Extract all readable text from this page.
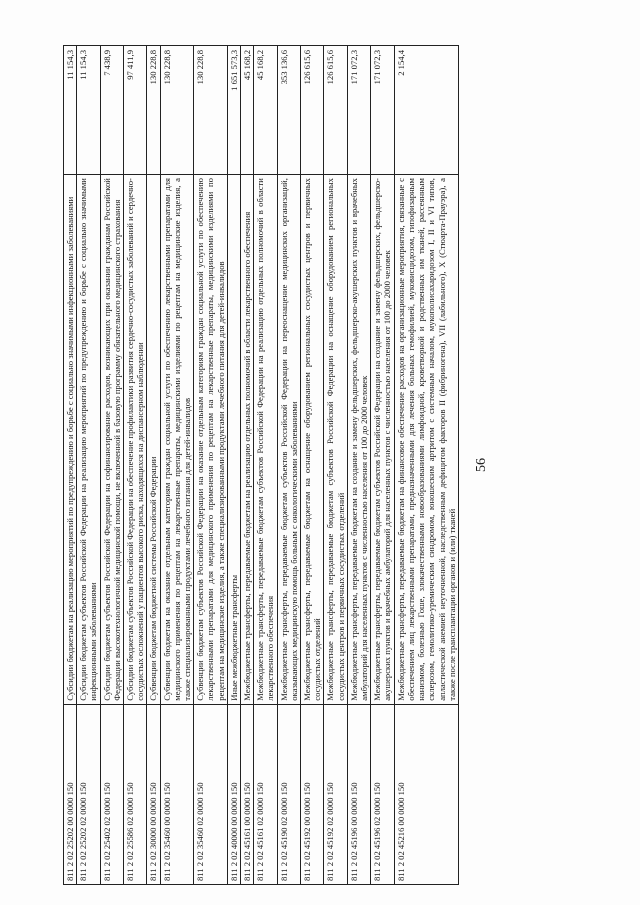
811 2 02 25202 00 0000 150	Субсидии бюджетам на реализацию мероприятий по предупреждению и борьбе с социально значимыми инфекционными заболеваниями	11 154,3
811 2 02 25202 02 0000 150	Субсидии бюджетам субъектов Российской Федерации на реализацию мероприятий по предупреждению и борьбе с социально значимыми инфекционными заболеваниями	11 154,3
811 2 02 25402 02 0000 150	Субсидии бюджетам субъектов Российской Федерации на софинансирование расходов, возникающих при оказании гражданам Российской Федерации высокотехнологичной медицинской помощи, не включенной в базовую программу обязательного медицинского страхования	7 438,9
811 2 02 25586 02 0000 150	Субсидии бюджетам субъектов Российской Федерации на обеспечение профилактики развития сердечно-сосудистых заболеваний и сердечно-сосудистых осложнений у пациентов высокого риска, находящихся на диспансерном наблюдении	97 411,9
811 2 02 30000 00 0000 150	Субвенции бюджетам бюджетной системы Российской Федерации	130 228,8
811 2 02 35460 00 0000 150	Субвенции бюджетам на оказание отдельным категориям граждан социальной услуги по обеспечению лекарственными препаратами для медицинского применения по рецептам на лекарственные препараты, медицинскими изделиями по рецептам на медицинские изделия, а также специализированными продуктами лечебного питания для детей-инвалидов	130 228,8
811 2 02 35460 02 0000 150	Субвенции бюджетам субъектов Российской Федерации на оказание отдельным категориям граждан социальной услуги по обеспечению лекарственными препаратами для медицинского применения по рецептам на лекарственные препараты, медицинскими изделиями по рецептам на медицинские изделия, а также специализированными продуктами лечебного питания для детей-инвалидов	130 228,8
811 2 02 40000 00 0000 150	Иные межбюджетные трансферты	1 651 573,3
811 2 02 45161 00 0000 150	Межбюджетные трансферты, передаваемые бюджетам на реализацию отдельных полномочий в области лекарственного обеспечения	45 168,2
811 2 02 45161 02 0000 150	Межбюджетные трансферты, передаваемые бюджетам субъектов Российской Федерации на реализацию отдельных полномочий в области лекарственного обеспечения	45 168,2
811 2 02 45190 02 0000 150	Межбюджетные трансферты, передаваемые бюджетам субъектов Российской Федерации на переоснащение медицинских организаций, оказывающих медицинскую помощь больным с онкологическими заболеваниями	353 136,6
811 2 02 45192 00 0000 150	Межбюджетные трансферты, передаваемые бюджетам на оснащение оборудованием региональных сосудистых центров и первичных сосудистых отделений	126 615,6
811 2 02 45192 02 0000 150	Межбюджетные трансферты, передаваемые бюджетам субъектов Российской Федерации на оснащение оборудованием региональных сосудистых центров и первичных сосудистых отделений	126 615,6
811 2 02 45196 00 0000 150	Межбюджетные трансферты, передаваемые бюджетам на создание и замену фельдшерских, фельдшерско-акушерских пунктов и врачебных амбулаторий для населенных пунктов с численностью населения от 100 до 2000 человек	171 072,3
811 2 02 45196 02 0000 150	Межбюджетные трансферты, передаваемые бюджетам субъектов Российской Федерации на создание и замену фельдшерских, фельдшерско-акушерских пунктов и врачебных амбулаторий для населенных пунктов с численностью населения от 100 до 2000 человек	171 072,3
811 2 02 45216 00 0000 150	Межбюджетные трансферты, передаваемые бюджетам на финансовое обеспечение расходов на организационные мероприятия, связанные с обеспечением лиц лекарственными препаратами, предназначенными для лечения больных гемофилией, муковисцидозом, гипофизарным нанизмом, болезнью Гоше, злокачественными новообразованиями лимфоидной, кроветворной и родственных им тканей, рассеянным склерозом, гемолитико-уремическим синдромом, юношеским артритом с системным началом, мукополисахаридозом I, II и VI типов, апластической анемией неуточненной, наследственным дефицитом факторов II (фибриногена), VII (лабильного), X (Стюарта-Прауэра), а также после трансплантации органов и (или) тканей	2 154,4
56
